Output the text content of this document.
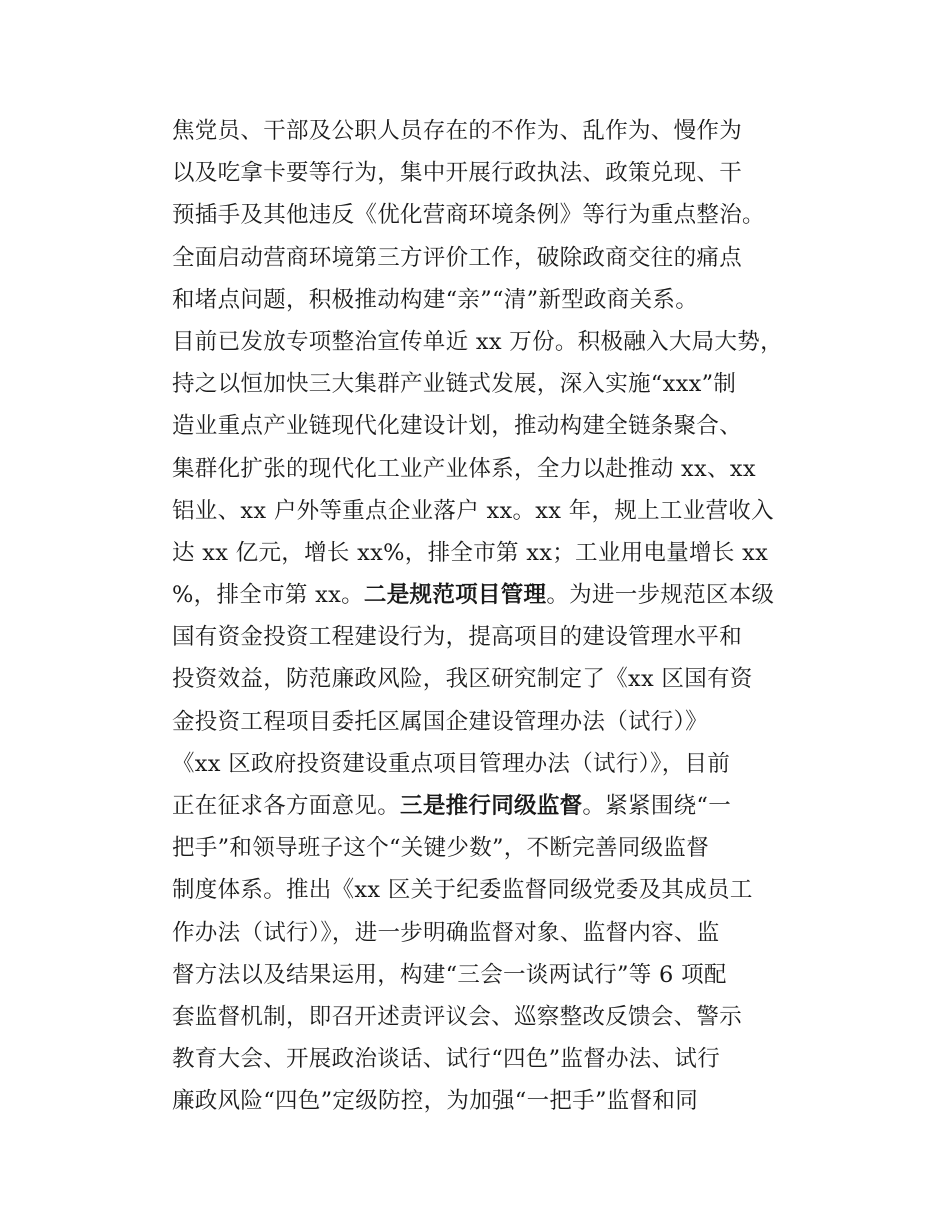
焦党员、干部及公职人员存在的不作为、乱作为、慢作为
以及吃拿卡要等行为，集中开展行政执法、政策兑现、干
预插手及其他违反《优化营商环境条例》等行为重点整治。
全面启动营商环境第三方评价工作，破除政商交往的痛点
和堵点问题，积极推动构建“亲”“清”新型政商关系。
目前已发放专项整治宣传单近 xx 万份。积极融入大局大势，
持之以恒加快三大集群产业链式发展，深入实施“xxx”制
造业重点产业链现代化建设计划，推动构建全链条聚合、
集群化扩张的现代化工业产业体系，全力以赴推动 xx、xx
铝业、xx 户外等重点企业落户 xx。xx 年，规上工业营收入
达 xx 亿元，增长 xx%，排全市第 xx；工业用电量增长 xx
%，排全市第 xx。二是规范项目管理。为进一步规范区本级
国有资金投资工程建设行为，提高项目的建设管理水平和
投资效益，防范廉政风险，我区研究制定了《xx 区国有资
金投资工程项目委托区属国企建设管理办法（试行）》
《xx 区政府投资建设重点项目管理办法（试行）》，目前
正在征求各方面意见。三是推行同级监督。紧紧围绕“一
把手”和领导班子这个“关键少数”，不断完善同级监督
制度体系。推出《xx 区关于纪委监督同级党委及其成员工
作办法（试行）》，进一步明确监督对象、监督内容、监
督方法以及结果运用，构建“三会一谈两试行”等 6 项配
套监督机制，即召开述责评议会、巡察整改反馈会、警示
教育大会、开展政治谈话、试行“四色”监督办法、试行
廉政风险“四色”定级防控，为加强“一把手”监督和同
